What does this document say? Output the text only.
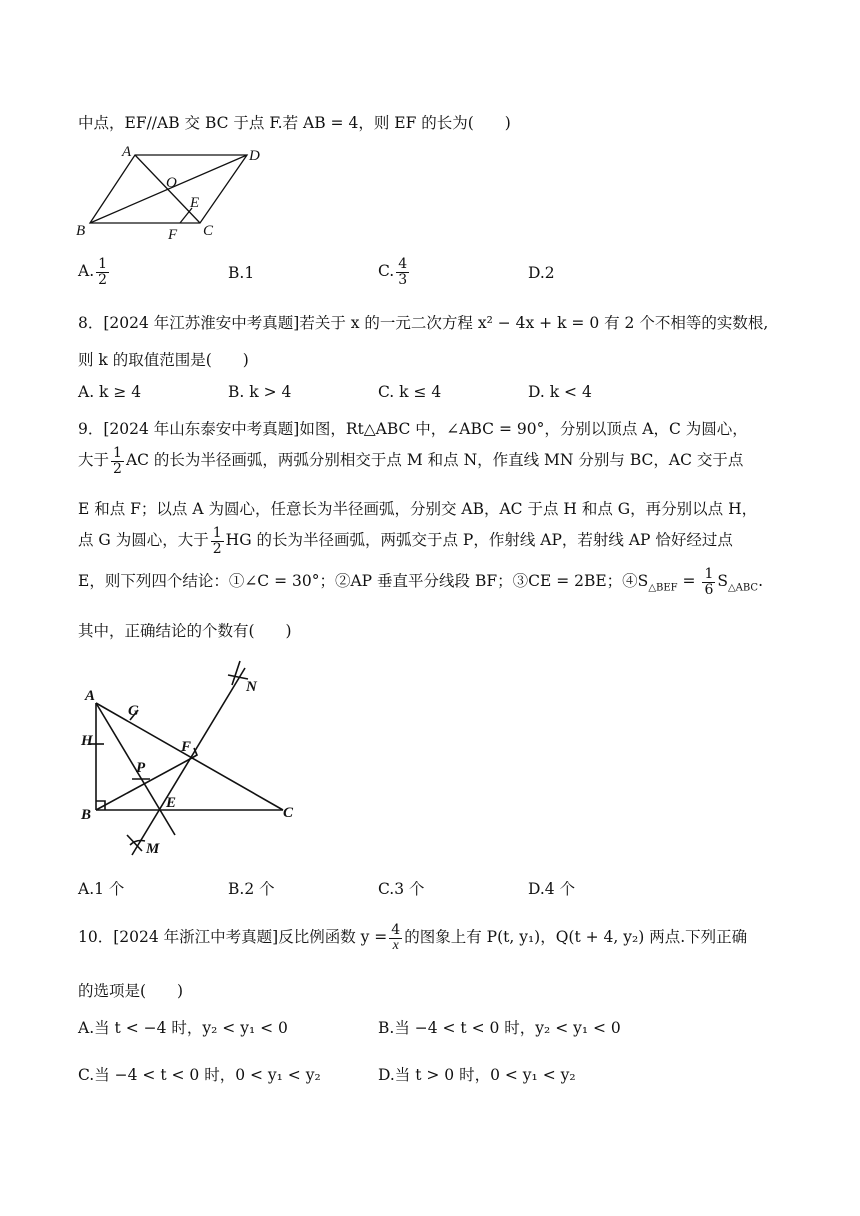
中点，EF//AB 交 BC 于点 F.若 AB = 4，则 EF 的长为(　　)
A	D
O
E
B	F C
A. $\frac{1}{2}$	B.1	C. $\frac{4}{3}$	D.2
8．[2024 年江苏淮安中考真题]若关于 x 的一元二次方程 x² − 4x + k = 0 有 2 个不相等的实数根,
则 k 的取值范围是(　　)
A. k ≥ 4	B. k > 4	C. k ≤ 4	D. k < 4
9．[2024 年山东泰安中考真题]如图，Rt△ABC 中，∠ABC = 90°，分别以顶点 A，C 为圆心，
大于 $\frac{1}{2}$ AC 的长为半径画弧，两弧分别相交于点 M 和点 N，作直线 MN 分别与 BC，AC 交于点
E 和点 F；以点 A 为圆心，任意长为半径画弧，分别交 AB，AC 于点 H 和点 G，再分别以点 H，
点 G 为圆心，大于 $\frac{1}{2}$ HG 的长为半径画弧，两弧交于点 P，作射线 AP，若射线 AP 恰好经过点
E，则下列四个结论：①∠C = 30°；②AP 垂直平分线段 BF；③CE = 2BE；$④S_{\triangle BEF} = \frac{1}{6} S_{\triangle ABC}$.
其中，正确结论的个数有(　　)
A
G
N
H	F
P
B
E
C
M
A.1 个	B.2 个	C.3 个	D.4 个
10．[2024 年浙江中考真题]反比例函数 $y = \frac{4}{x}$ 的图象上有 P(t, y₁)，Q(t + 4, y₂) 两点.下列正确
的选项是(　　)
A.当 t < −4 时，y₂ < y₁ < 0	B.当 −4 < t < 0 时，y₂ < y₁ < 0
C.当 −4 < t < 0 时，0 < y₁ < y₂	D.当 t > 0 时，0 < y₁ < y₂
